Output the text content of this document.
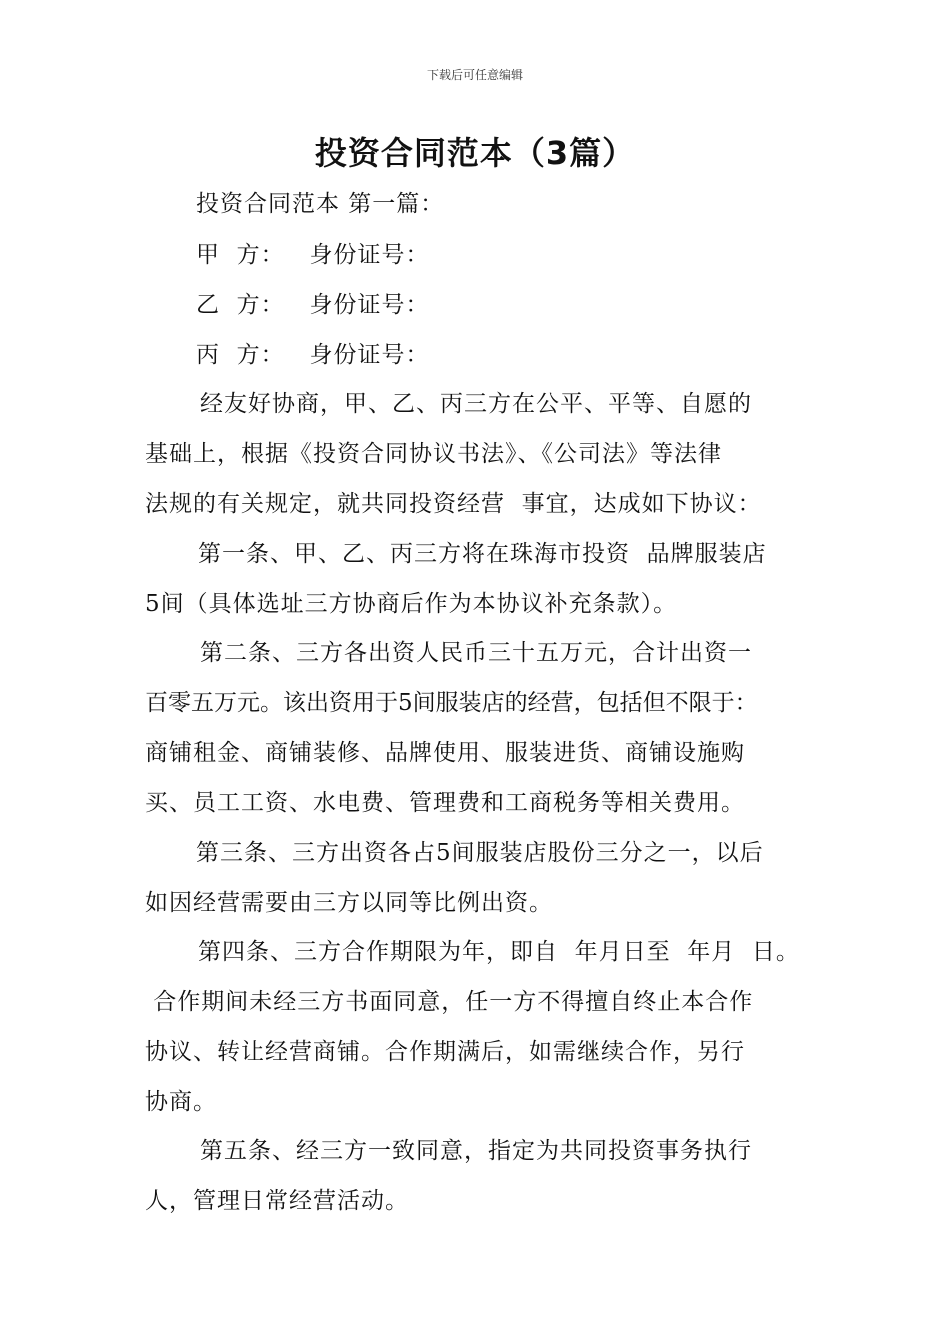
下载后可任意编辑
投资合同范本（3篇）
投资合同范本 第一篇：
甲  方：   身份证号：
乙  方：   身份证号：
丙  方：   身份证号：
经友好协商，甲、乙、丙三方在公平、平等、自愿的
基础上，根据《投资合同协议书法》、《公司法》等法律
法规的有关规定，就共同投资经营  事宜，达成如下协议：
第一条、甲、乙、丙三方将在珠海市投资  品牌服装店
5间（具体选址三方协商后作为本协议补充条款）。
第二条、三方各出资人民币三十五万元，合计出资一
百零五万元。该出资用于5间服装店的经营，包括但不限于：
商铺租金、商铺装修、品牌使用、服装进货、商铺设施购
买、员工工资、水电费、管理费和工商税务等相关费用。
第三条、三方出资各占5间服装店股份三分之一，以后
如因经营需要由三方以同等比例出资。
第四条、三方合作期限为年，即自  年月日至  年月  日。
合作期间未经三方书面同意，任一方不得擅自终止本合作
协议、转让经营商铺。合作期满后，如需继续合作，另行
协商。
第五条、经三方一致同意，指定为共同投资事务执行
人，管理日常经营活动。
